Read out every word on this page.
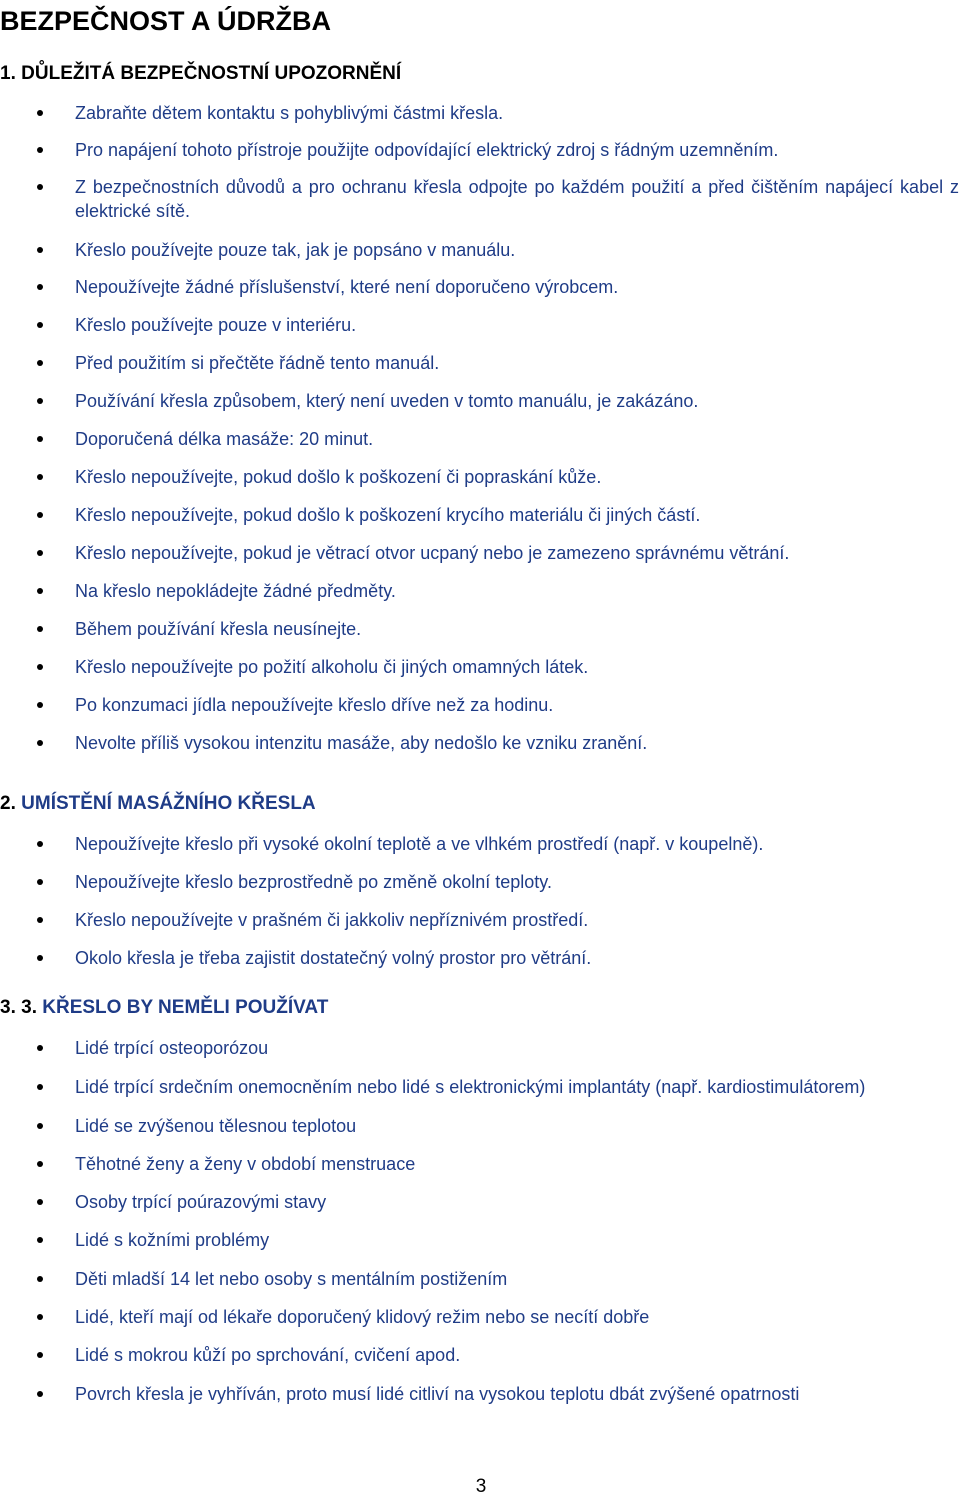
BEZPEČNOST A ÚDRŽBA
1. DŮLEŽITÁ BEZPEČNOSTNÍ UPOZORNĚNÍ
Zabraňte dětem kontaktu s pohyblivými částmi křesla.
Pro napájení tohoto přístroje použijte odpovídající elektrický zdroj s řádným uzemněním.
Z bezpečnostních důvodů a pro ochranu křesla odpojte po každém použití a před čištěním napájecí kabel z elektrické sítě.
Křeslo používejte pouze tak, jak je popsáno v manuálu.
Nepoužívejte žádné příslušenství, které není doporučeno výrobcem.
Křeslo používejte pouze v interiéru.
Před použitím si přečtěte řádně tento manuál.
Používání křesla způsobem, který není uveden v tomto manuálu, je zakázáno.
Doporučená délka masáže: 20 minut.
Křeslo nepoužívejte, pokud došlo k poškození či popraskání kůže.
Křeslo nepoužívejte, pokud došlo k poškození krycího materiálu či jiných částí.
Křeslo nepoužívejte, pokud je větrací otvor ucpaný nebo je zamezeno správnému větrání.
Na křeslo nepokládejte žádné předměty.
Během používání křesla neusínejte.
Křeslo nepoužívejte po požití alkoholu či jiných omamných látek.
Po konzumaci jídla nepoužívejte křeslo dříve než za hodinu.
Nevolte příliš vysokou intenzitu masáže, aby nedošlo ke vzniku zranění.
2. UMÍSTĚNÍ MASÁŽNÍHO KŘESLA
Nepoužívejte křeslo při vysoké okolní teplotě a ve vlhkém prostředí (např. v koupelně).
Nepoužívejte křeslo bezprostředně po změně okolní teploty.
Křeslo nepoužívejte v prašném či jakkoliv nepříznivém prostředí.
Okolo křesla je třeba zajistit dostatečný volný prostor pro větrání.
3. 3. KŘESLO BY NEMĚLI POUŽÍVAT
Lidé trpící osteoporózou
Lidé trpící srdečním onemocněním nebo lidé s elektronickými implantáty (např. kardiostimulátorem)
Lidé se zvýšenou tělesnou teplotou
Těhotné ženy a ženy v období menstruace
Osoby trpící poúrazovými stavy
Lidé s kožními problémy
Děti mladší 14 let nebo osoby s mentálním postižením
Lidé, kteří mají od lékaře doporučený klidový režim nebo se necítí dobře
Lidé s mokrou kůží po sprchování, cvičení apod.
Povrch křesla je vyhříván, proto musí lidé citliví na vysokou teplotu dbát zvýšené opatrnosti
3
